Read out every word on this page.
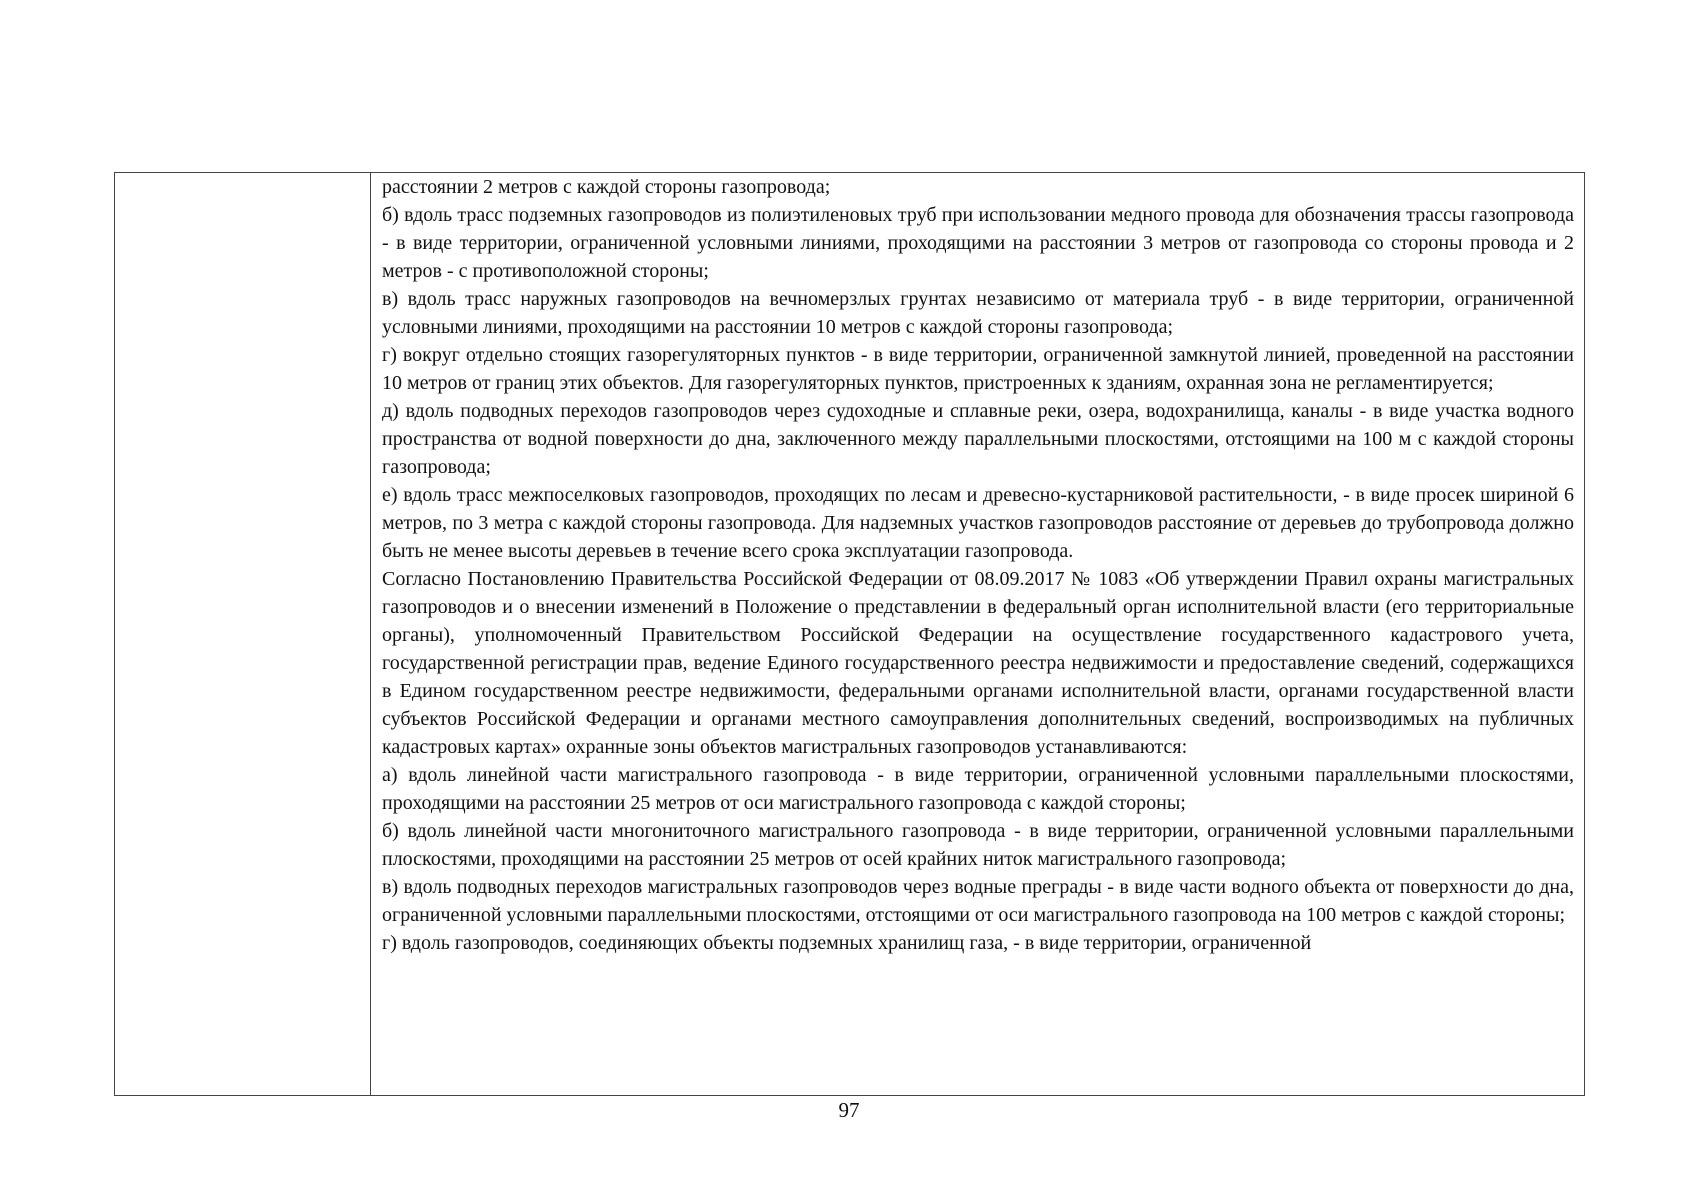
расстоянии 2 метров с каждой стороны газопровода;

б) вдоль трасс подземных газопроводов из полиэтиленовых труб при использовании медного провода для обозначения трассы газопровода - в виде территории, ограниченной условными линиями, проходящими на расстоянии 3 метров от газопровода со стороны провода и 2 метров - с противоположной стороны;

в) вдоль трасс наружных газопроводов на вечномерзлых грунтах независимо от материала труб - в виде территории, ограниченной условными линиями, проходящими на расстоянии 10 метров с каждой стороны газопровода;

г) вокруг отдельно стоящих газорегуляторных пунктов - в виде территории, ограниченной замкнутой линией, проведенной на расстоянии 10 метров от границ этих объектов. Для газорегуляторных пунктов, пристроенных к зданиям, охранная зона не регламентируется;

д) вдоль подводных переходов газопроводов через судоходные и сплавные реки, озера, водохранилища, каналы - в виде участка водного пространства от водной поверхности до дна, заключенного между параллельными плоскостями, отстоящими на 100 м с каждой стороны газопровода;

е) вдоль трасс межпоселковых газопроводов, проходящих по лесам и древесно-кустарниковой растительности, - в виде просек шириной 6 метров, по 3 метра с каждой стороны газопровода. Для надземных участков газопроводов расстояние от деревьев до трубопровода должно быть не менее высоты деревьев в течение всего срока эксплуатации газопровода.

Согласно Постановлению Правительства Российской Федерации от 08.09.2017 № 1083 «Об утверждении Правил охраны магистральных газопроводов и о внесении изменений в Положение о представлении в федеральный орган исполнительной власти (его территориальные органы), уполномоченный Правительством Российской Федерации на осуществление государственного кадастрового учета, государственной регистрации прав, ведение Единого государственного реестра недвижимости и предоставление сведений, содержащихся в Едином государственном реестре недвижимости, федеральными органами исполнительной власти, органами государственной власти субъектов Российской Федерации и органами местного самоуправления дополнительных сведений, воспроизводимых на публичных кадастровых картах» охранные зоны объектов магистральных газопроводов устанавливаются:

а) вдоль линейной части магистрального газопровода - в виде территории, ограниченной условными параллельными плоскостями, проходящими на расстоянии 25 метров от оси магистрального газопровода с каждой стороны;

б) вдоль линейной части многониточного магистрального газопровода - в виде территории, ограниченной условными параллельными плоскостями, проходящими на расстоянии 25 метров от осей крайних ниток магистрального газопровода;

в) вдоль подводных переходов магистральных газопроводов через водные преграды - в виде части водного объекта от поверхности до дна, ограниченной условными параллельными плоскостями, отстоящими от оси магистрального газопровода на 100 метров с каждой стороны;

г) вдоль газопроводов, соединяющих объекты подземных хранилищ газа, - в виде территории, ограниченной

97
